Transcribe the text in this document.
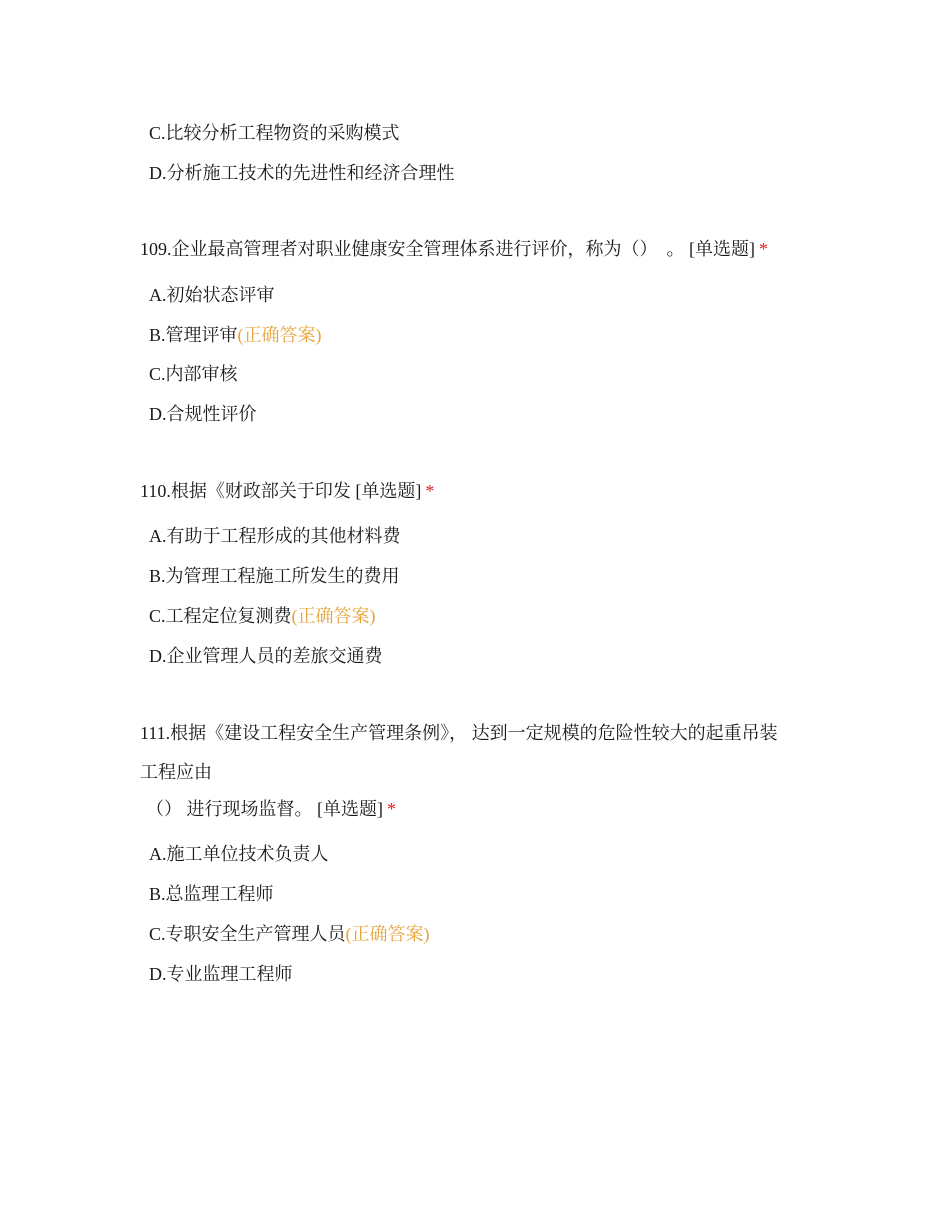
C.比较分析工程物资的采购模式
D.分析施工技术的先进性和经济合理性
109.企业最高管理者对职业健康安全管理体系进行评价，称为（）　。 [单选题] *
A.初始状态评审
B.管理评审(正确答案)
C.内部审核
D.合规性评价
110.根据《财政部关于印发 [单选题] *
A.有助于工程形成的其他材料费
B.为管理工程施工所发生的费用
C.工程定位复测费(正确答案)
D.企业管理人员的差旅交通费
111.根据《建设工程安全生产管理条例》， 达到一定规模的危险性较大的起重吊装
工程应由
（） 进行现场监督。 [单选题] *
A.施工单位技术负责人
B.总监理工程师
C.专职安全生产管理人员(正确答案)
D.专业监理工程师
